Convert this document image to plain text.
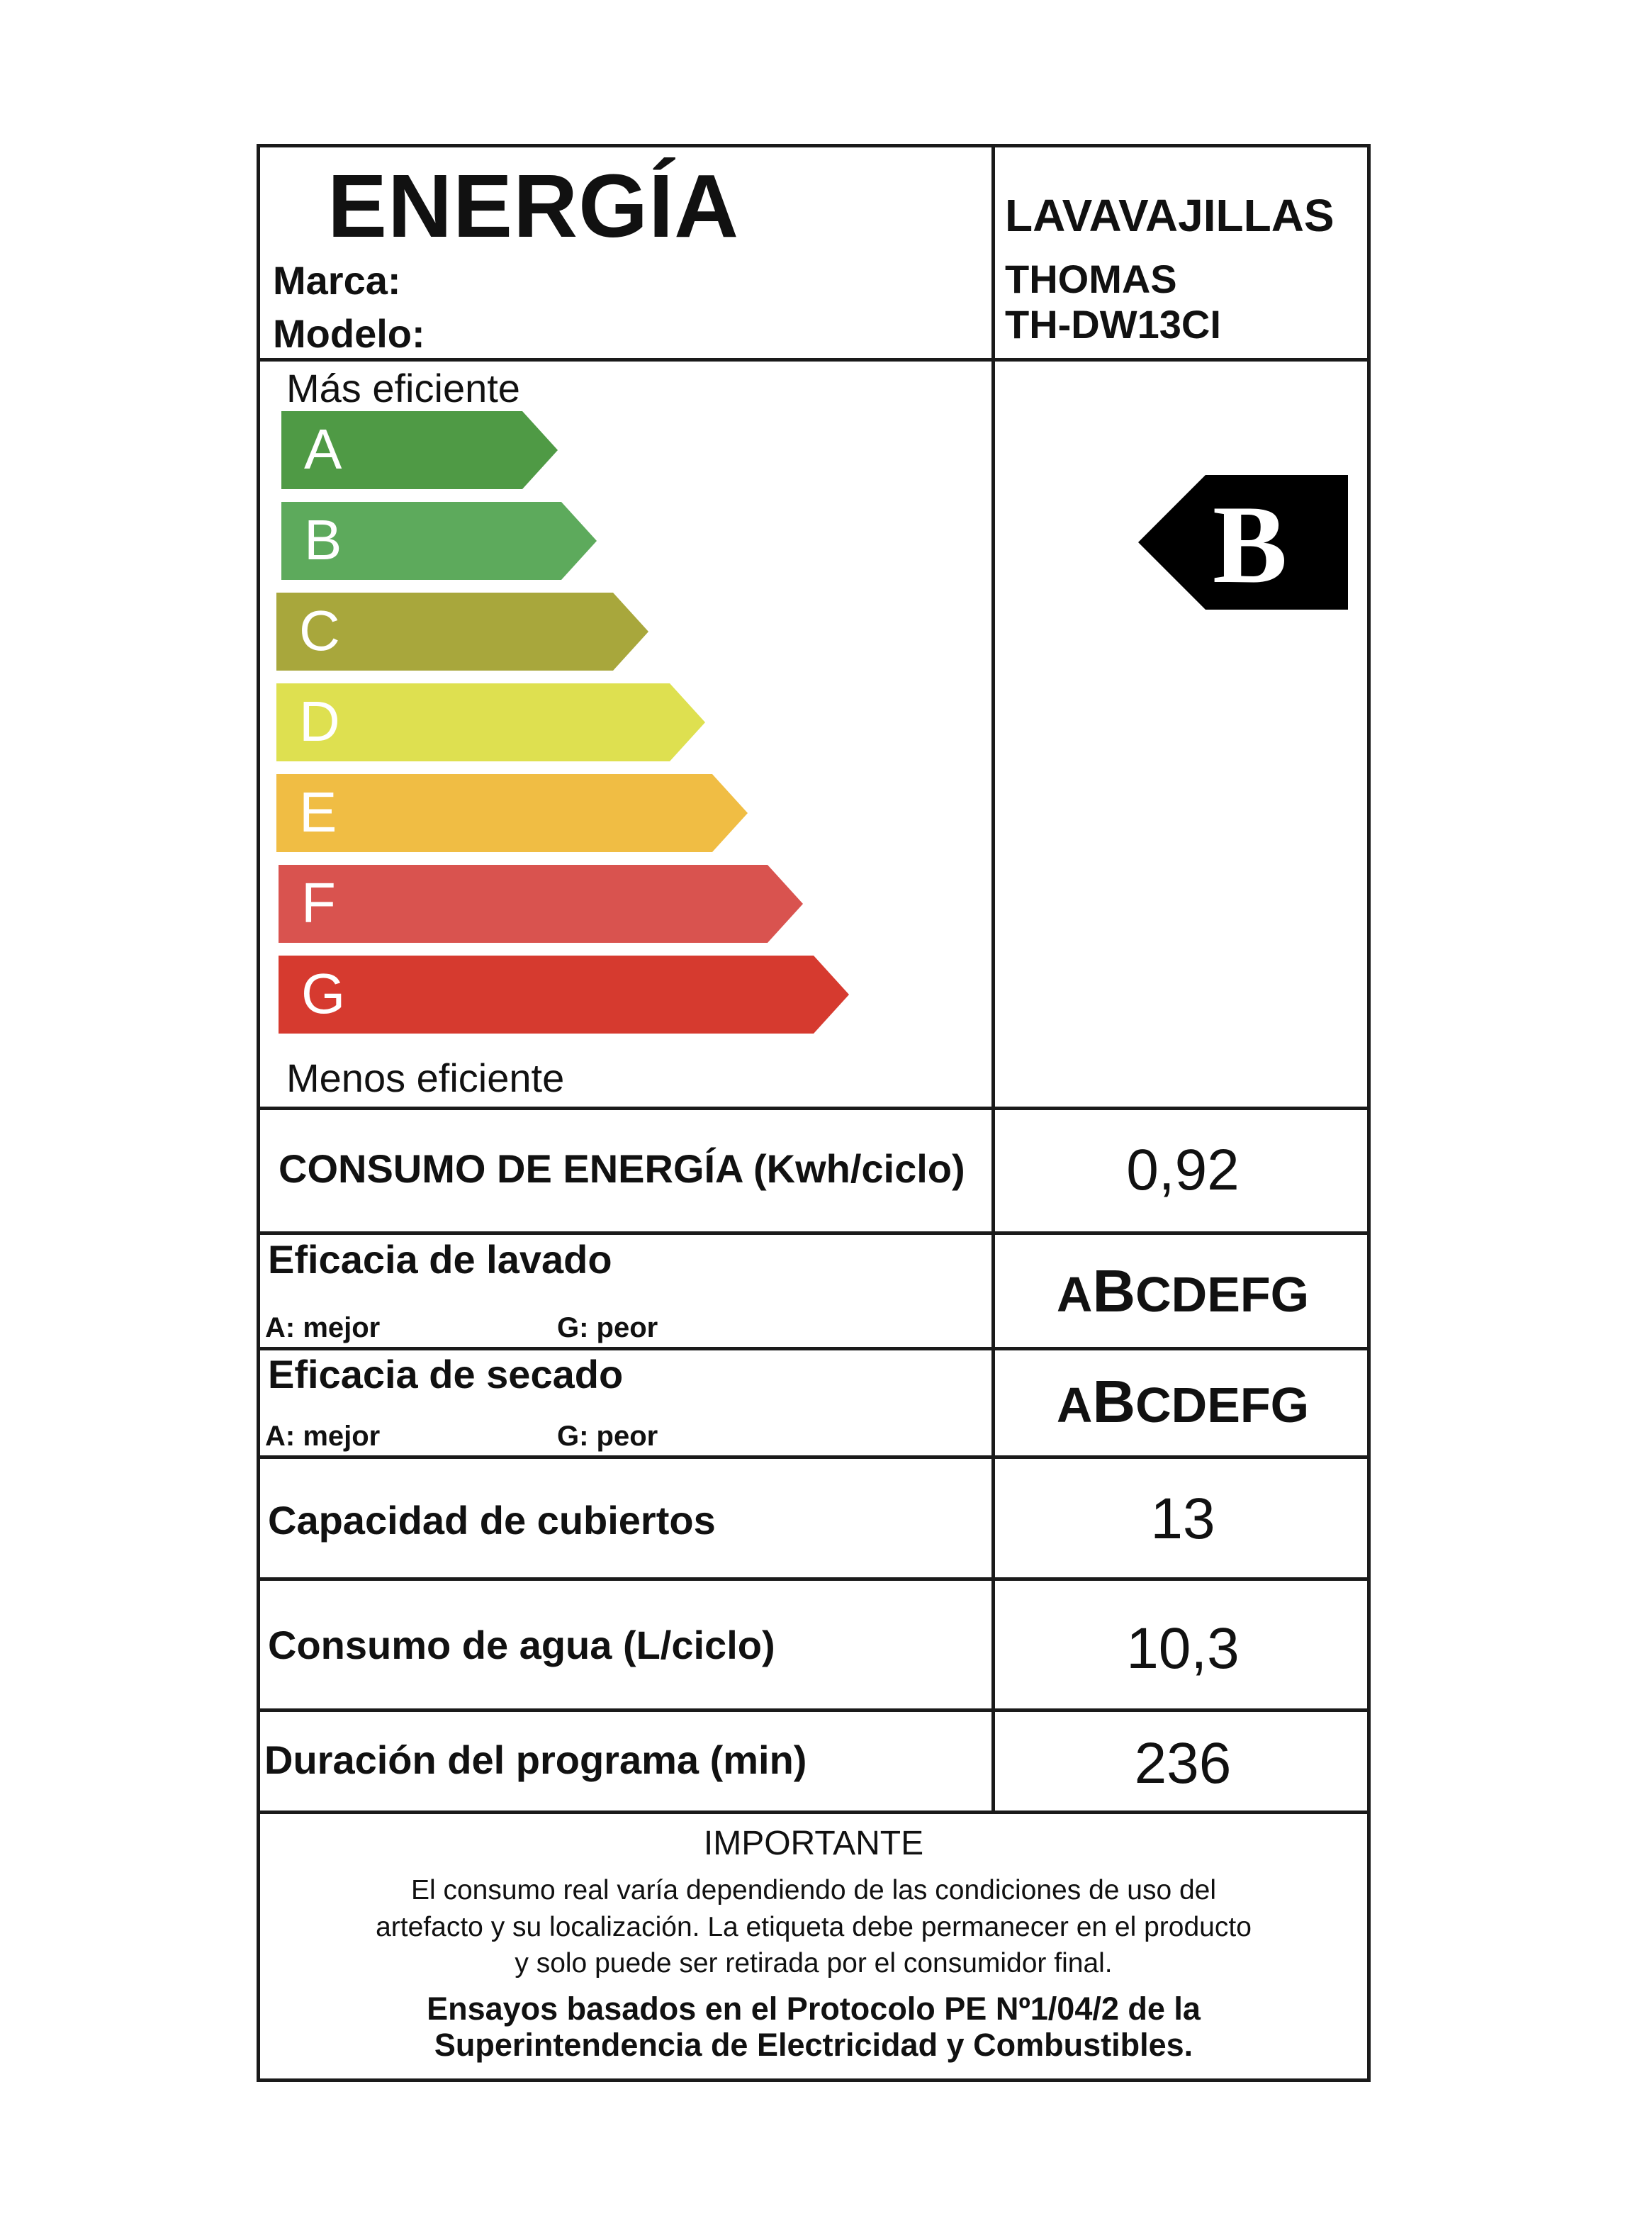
ENERGÍA
Marca:
Modelo:
LAVAVAJILLAS
THOMAS
TH-DW13CI
Más eficiente
Menos eficiente
A
B
C
D
E
F
G
B
CONSUMO DE ENERGÍA (Kwh/ciclo)	0,92
Eficacia de lavado
A: mejor	G: peor
ABCDEFG
Eficacia de secado
A: mejor	G: peor
ABCDEFG
Capacidad de cubiertos	13
Consumo de agua (L/ciclo)	10,3
Duración del programa (min)	236
IMPORTANTE
El consumo real varía dependiendo de las condiciones de uso del
artefacto y su localización. La etiqueta debe permanecer en el producto
y solo puede ser retirada por el consumidor final.
Ensayos basados en el Protocolo PE Nº1/04/2 de la
Superintendencia de Electricidad y Combustibles.
